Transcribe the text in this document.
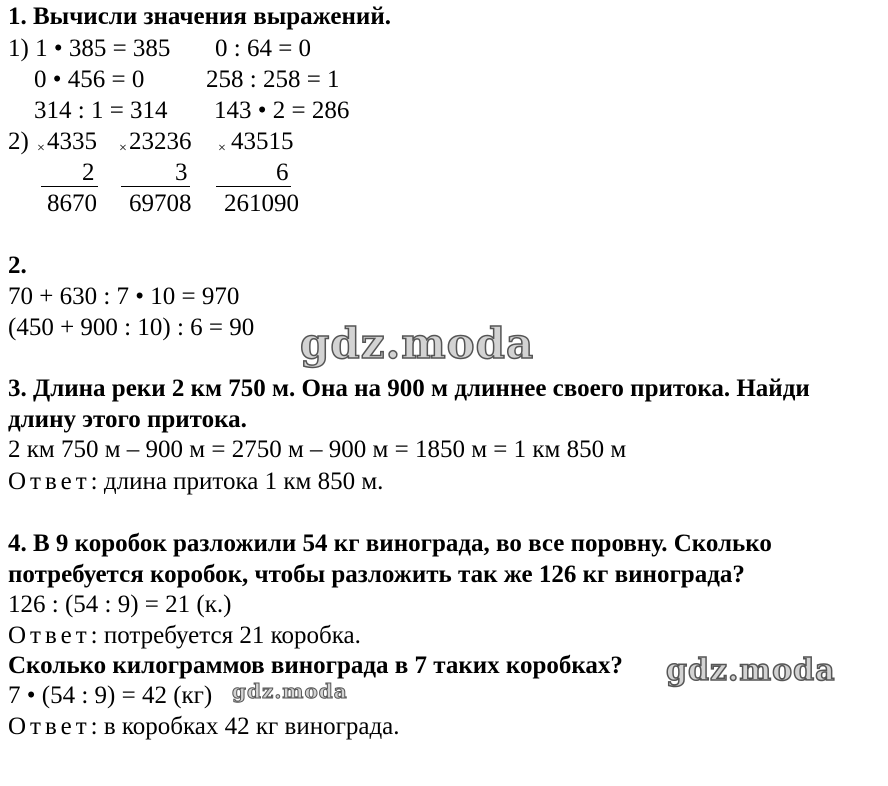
1. Вычисли значения выражений.
1) 1 • 385 = 385 0 : 64 = 0
0 • 456 = 0 258 : 258 = 1
314 : 1 = 314 143 • 2 = 286
2) × 4335
2
8670
× 23236
3
69708
× 43515
6
261090
2.
70 + 630 : 7 • 10 = 970
(450 + 900 : 10) : 6 = 90
3. Длина реки 2 км 750 м. Она на 900 м длиннее своего притока. Найди
длину этого притока.
2 км 750 м – 900 м = 2750 м – 900 м = 1850 м = 1 км 850 м
Ответ: длина притока 1 км 850 м.
4. В 9 коробок разложили 54 кг винограда, во все поровну. Сколько
потребуется коробок, чтобы разложить так же 126 кг винограда?
126 : (54 : 9) = 21 (к.)
Ответ: потребуется 21 коробка.
Сколько килограммов винограда в 7 таких коробках?
7 • (54 : 9) = 42 (кг)
Ответ: в коробках 42 кг винограда.
gdz.moda
gdz.moda
gdz.moda
